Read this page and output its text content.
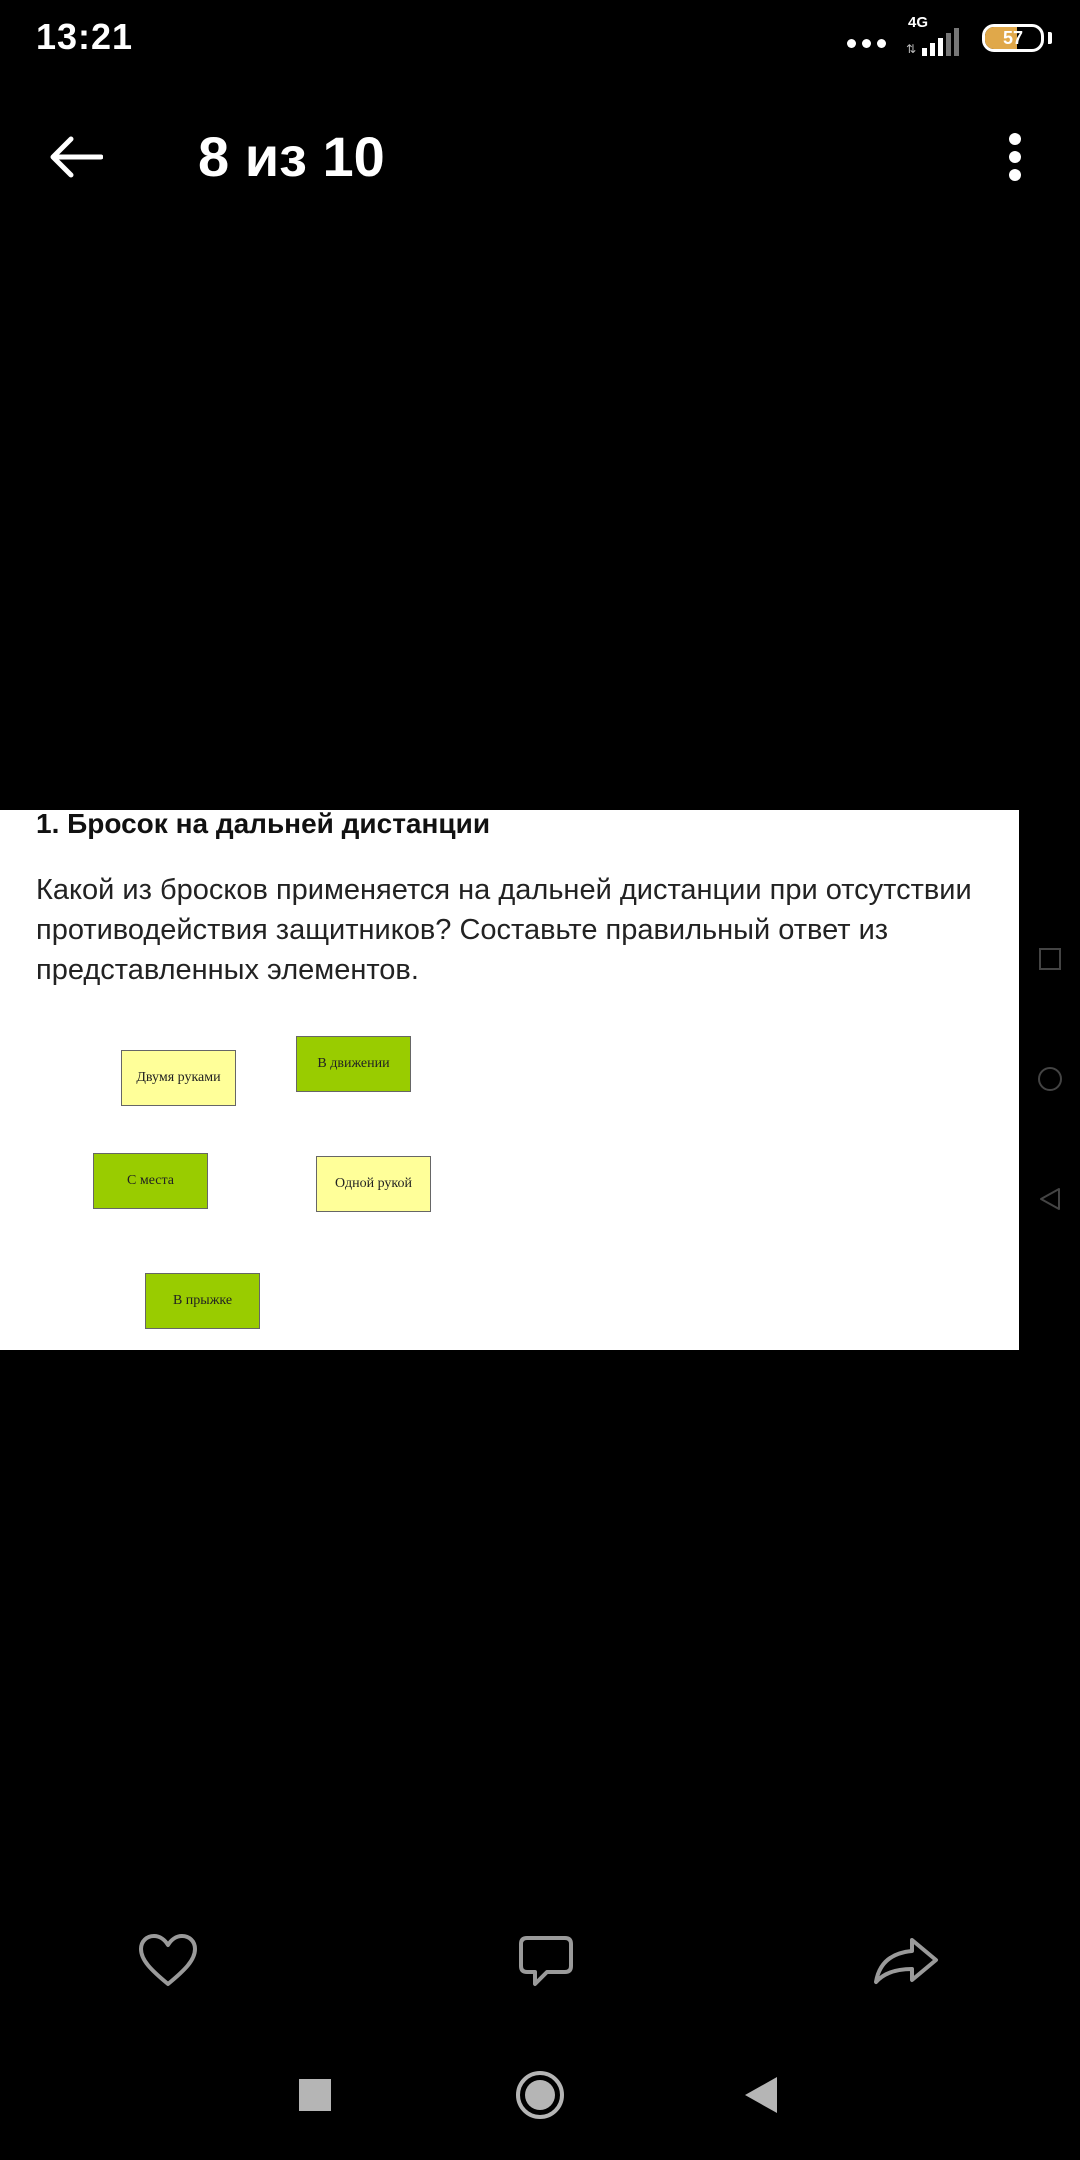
13:21	4G
⇅
57
8 из 10
1. Бросок на дальней дистанции
Какой из бросков применяется на дальней дистанции при отсутствии противодействия защитников? Составьте правильный ответ из представленных элементов.
Двумя руками
В движении
С места	Одной рукой
В прыжке
